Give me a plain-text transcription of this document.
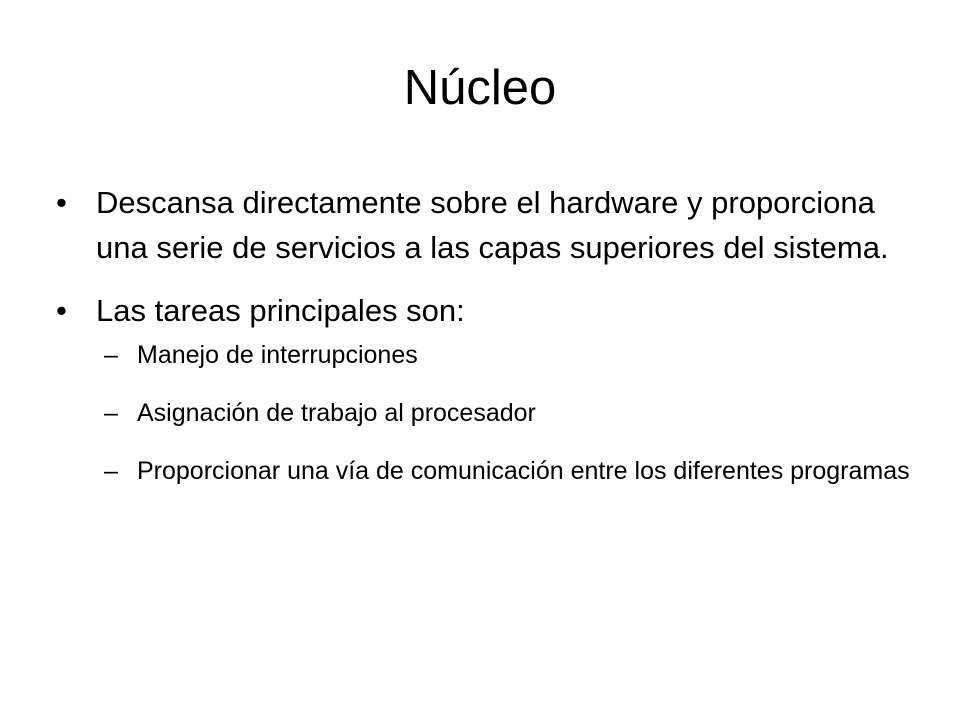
Núcleo
• Descansa directamente sobre el hardware y proporciona una serie de servicios a las capas superiores del sistema.
• Las tareas principales son:
– Manejo de interrupciones
– Asignación de trabajo al procesador
– Proporcionar una vía de comunicación entre los diferentes programas
